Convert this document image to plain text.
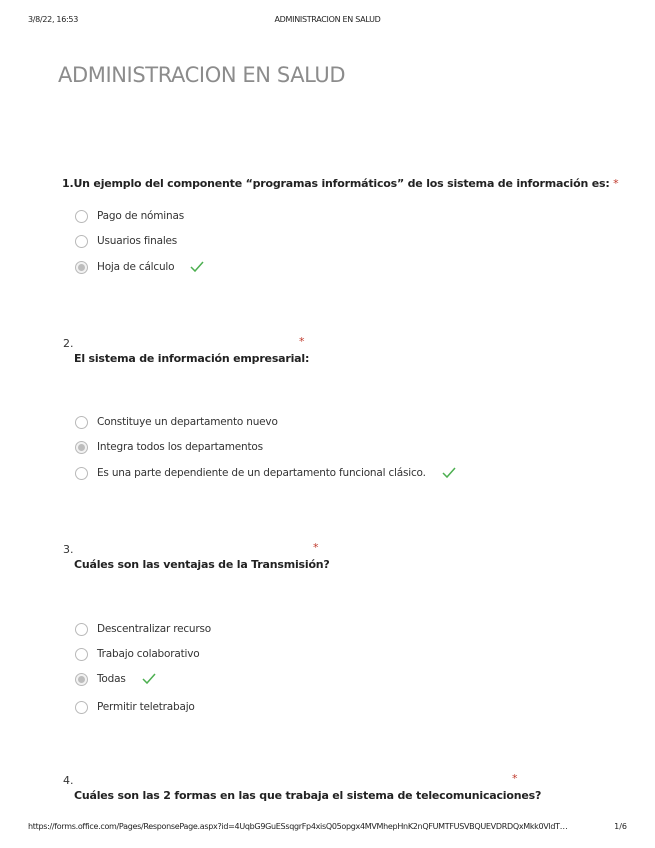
3/8/22, 16:53	ADMINISTRACION EN SALUD
ADMINISTRACION EN SALUD
1.Un ejemplo del componente “programas informáticos” de los sistema de información es: *
Pago de nóminas
Usuarios finales
Hoja de cálculo
2.	*
El sistema de información empresarial:
Constituye un departamento nuevo
Integra todos los departamentos
Es una parte dependiente de un departamento funcional clásico.
3.	*
Cuáles son las ventajas de la Transmisión?
Descentralizar recurso
Trabajo colaborativo
Todas
Permitir teletrabajo
4.	*
Cuáles son las 2 formas en las que trabaja el sistema de telecomunicaciones?
https://forms.office.com/Pages/ResponsePage.aspx?id=4UqbG9GuESsqgrFp4xisQ05opgx4MVMhepHnK2nQFUMTFUSVBQUEVDRDQxMkk0VldT…	1/6
